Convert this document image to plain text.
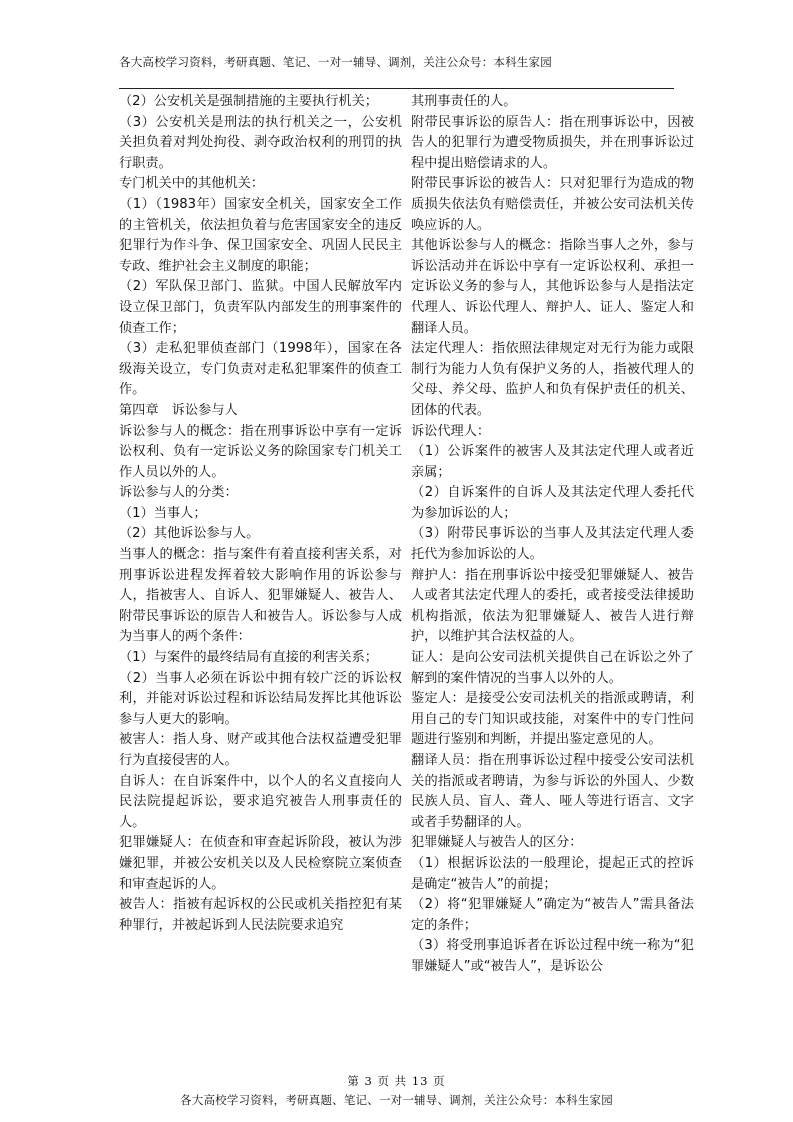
各大高校学习资料，考研真题、笔记、一对一辅导、调剂，关注公众号：本科生家园

（2）公安机关是强制措施的主要执行机关；

（3）公安机关是刑法的执行机关之一，公安机关担负着对判处拘役、剥夺政治权利的刑罚的执行职责。

专门机关中的其他机关：

（1）（1983年）国家安全机关，国家安全工作的主管机关，依法担负着与危害国家安全的违反犯罪行为作斗争、保卫国家安全、巩固人民民主专政、维护社会主义制度的职能；

（2）军队保卫部门、监狱。中国人民解放军内设立保卫部门，负责军队内部发生的刑事案件的侦查工作；

（3）走私犯罪侦查部门（1998年），国家在各级海关设立，专门负责对走私犯罪案件的侦查工作。

第四章　诉讼参与人

诉讼参与人的概念：指在刑事诉讼中享有一定诉讼权利、负有一定诉讼义务的除国家专门机关工作人员以外的人。

诉讼参与人的分类：

（1）当事人；

（2）其他诉讼参与人。

当事人的概念：指与案件有着直接利害关系，对刑事诉讼进程发挥着较大影响作用的诉讼参与人，指被害人、自诉人、犯罪嫌疑人、被告人、附带民事诉讼的原告人和被告人。诉讼参与人成为当事人的两个条件：

（1）与案件的最终结局有直接的利害关系；

（2）当事人必须在诉讼中拥有较广泛的诉讼权利，并能对诉讼过程和诉讼结局发挥比其他诉讼参与人更大的影响。

被害人：指人身、财产或其他合法权益遭受犯罪行为直接侵害的人。

自诉人：在自诉案件中，以个人的名义直接向人民法院提起诉讼，要求追究被告人刑事责任的人。

犯罪嫌疑人：在侦查和审查起诉阶段，被认为涉嫌犯罪，并被公安机关以及人民检察院立案侦查和审查起诉的人。

被告人：指被有起诉权的公民或机关指控犯有某种罪行，并被起诉到人民法院要求追究

其刑事责任的人。

附带民事诉讼的原告人：指在刑事诉讼中，因被告人的犯罪行为遭受物质损失，并在刑事诉讼过程中提出赔偿请求的人。

附带民事诉讼的被告人：只对犯罪行为造成的物质损失依法负有赔偿责任，并被公安司法机关传唤应诉的人。

其他诉讼参与人的概念：指除当事人之外，参与诉讼活动并在诉讼中享有一定诉讼权利、承担一定诉讼义务的参与人，其他诉讼参与人是指法定代理人、诉讼代理人、辩护人、证人、鉴定人和翻译人员。

法定代理人：指依照法律规定对无行为能力或限制行为能力人负有保护义务的人，指被代理人的父母、养父母、监护人和负有保护责任的机关、团体的代表。

诉讼代理人：

（1）公诉案件的被害人及其法定代理人或者近亲属；

（2）自诉案件的自诉人及其法定代理人委托代为参加诉讼的人；

（3）附带民事诉讼的当事人及其法定代理人委托代为参加诉讼的人。

辩护人：指在刑事诉讼中接受犯罪嫌疑人、被告人或者其法定代理人的委托，或者接受法律援助机构指派，依法为犯罪嫌疑人、被告人进行辩护，以维护其合法权益的人。

证人：是向公安司法机关提供自己在诉讼之外了解到的案件情况的当事人以外的人。

鉴定人：是接受公安司法机关的指派或聘请，利用自己的专门知识或技能，对案件中的专门性问题进行鉴别和判断，并提出鉴定意见的人。

翻译人员：指在刑事诉讼过程中接受公安司法机关的指派或者聘请，为参与诉讼的外国人、少数民族人员、盲人、聋人、哑人等进行语言、文字或者手势翻译的人。

犯罪嫌疑人与被告人的区分：

（1）根据诉讼法的一般理论，提起正式的控诉是确定“被告人”的前提；

（2）将“犯罪嫌疑人”确定为“被告人”需具备法定的条件；

（3）将受刑事追诉者在诉讼过程中统一称为“犯罪嫌疑人”或“被告人”，是诉讼公

第 3 页 共 13 页
各大高校学习资料，考研真题、笔记、一对一辅导、调剂，关注公众号：本科生家园
